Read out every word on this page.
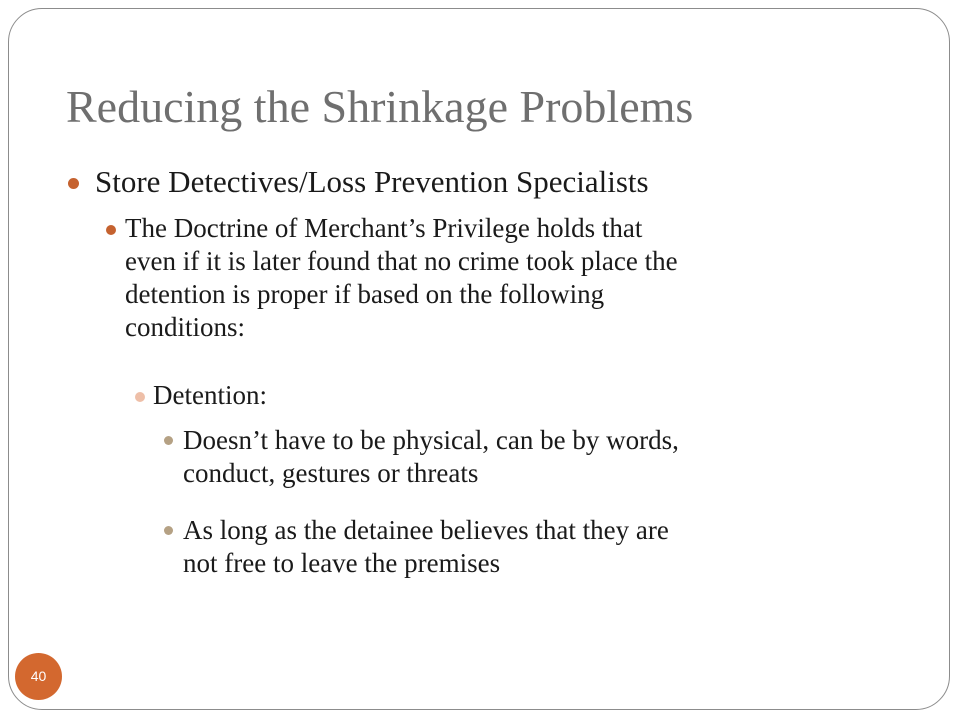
Reducing the Shrinkage Problems
Store Detectives/Loss Prevention Specialists
The Doctrine of Merchant’s Privilege holds that
even if it is later found that no crime took place the
detention is proper if based on the following
conditions:
Detention:
Doesn’t have to be physical, can be by words,
conduct, gestures or threats
As long as the detainee believes that they are
not free to leave the premises
40
